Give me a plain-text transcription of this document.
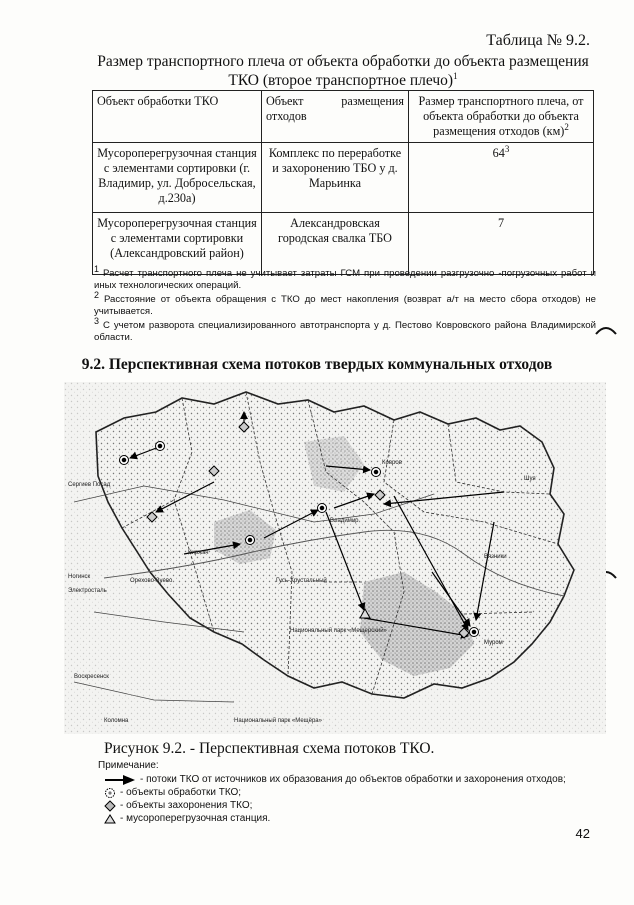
Таблица № 9.2.
Размер транспортного плеча от объекта обработки до объекта размещения
ТКО (второе транспортное плечо)$^1$
Объект обработки ТКО	Объект размещения отходов	Размер транспортного плеча, от объекта обработки до объекта размещения отходов (км)$^2$
Мусороперегрузочная станция с элементами сортировки (г. Владимир, ул. Добросельская, д.230а)	Комплекс по переработке и захоронению ТБО у д. Марьинка	$64^3$
Мусороперегрузочная станция с элементами сортировки (Александровский район)	Александровская городская свалка ТБО	7
$^1$ Расчет транспортного плеча не учитывает затраты ГСМ при проведении разгрузочно -погрузочных работ и иных технологических операций.
$^2$ Расстояние от объекта обращения с ТКО до мест накопления (возврат а/т на место сбора отходов) не учитывается.
$^3$ С учетом разворота специализированного автотранспорта у д. Пестово Ковровского района Владимирской области.
9.2. Перспективная схема потоков твердых коммунальных отходов
Владимир
Ковров
Ногинск
Электросталь
Орехово-Зуево
Воскресенск
Коломна
Муром
Национальный парк «Мещёра»
Национальный парк «Мещерский»
Гусь-Хрустальный
Киржач
Шуя
Вязники
Сергиев Посад
Рисунок 9.2. - Перспективная схема потоков ТКО.
Примечание:
- потоки ТКО от источников их образования до объектов обработки и захоронения отходов;
- объекты обработки ТКО;
- объекты захоронения ТКО;
- мусороперегрузочная станция.
42
